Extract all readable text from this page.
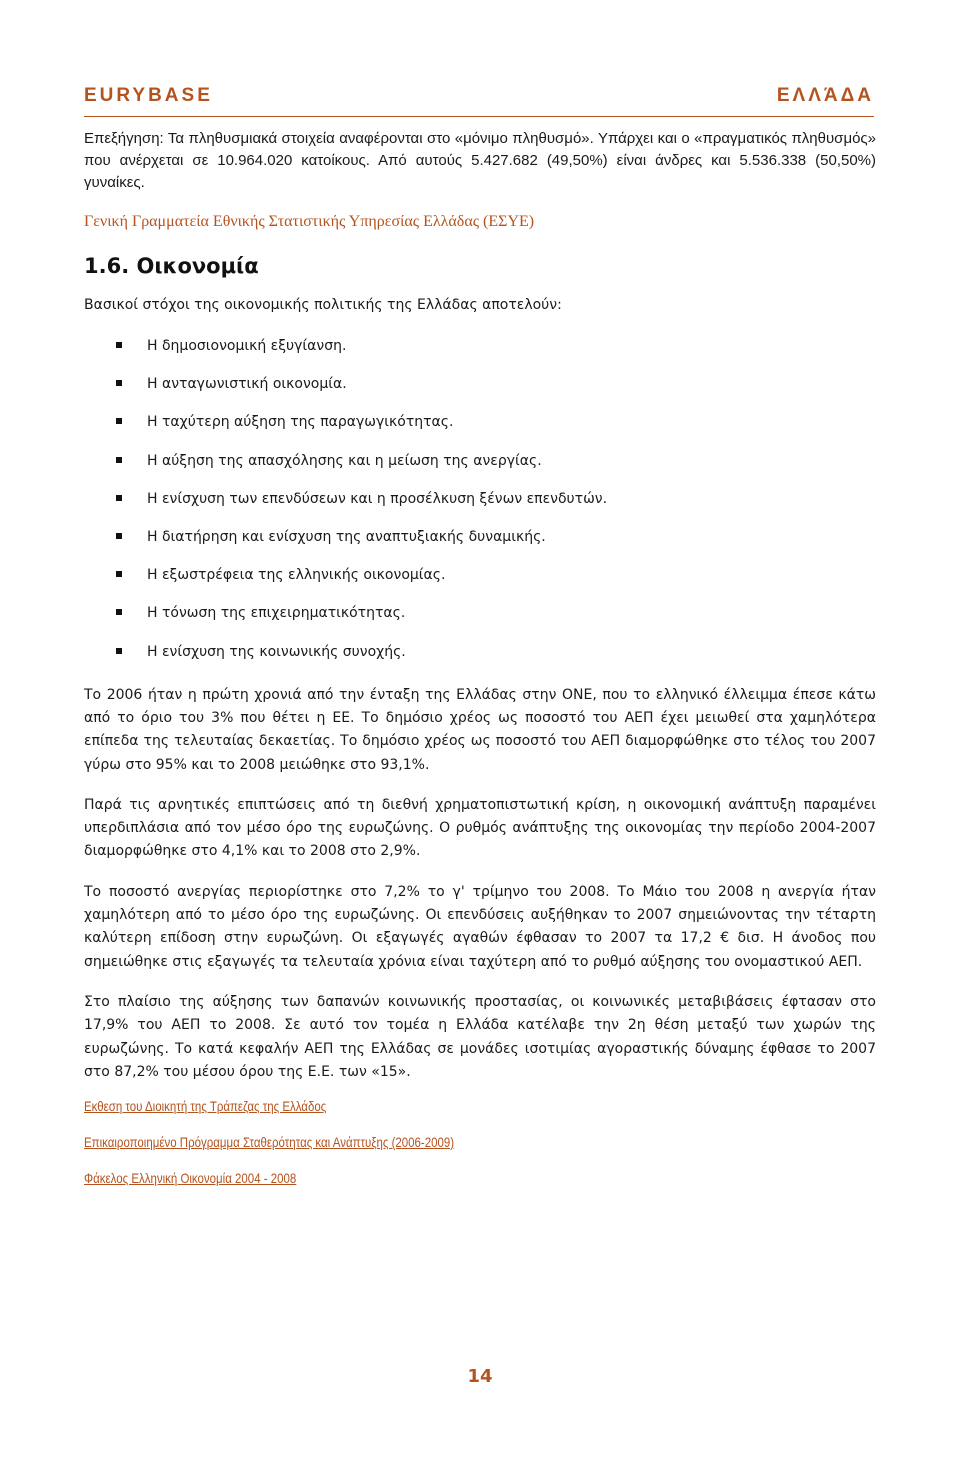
EURYBASE	ΕΛΛΆΔΑ

Επεξήγηση: Τα πληθυσμιακά στοιχεία αναφέρονται στο «μόνιμο πληθυσμό». Υπάρχει και ο «πραγματικός πληθυσμός» που ανέρχεται σε 10.964.020 κατοίκους. Από αυτούς 5.427.682 (49,50%) είναι άνδρες και 5.536.338 (50,50%) γυναίκες.

Γενική Γραμματεία Εθνικής Στατιστικής Υπηρεσίας Ελλάδας (ΕΣΥΕ)

1.6. Οικονομία

Βασικοί στόχοι της οικονομικής πολιτικής της Ελλάδας αποτελούν:

Η δημοσιονομική εξυγίανση.
Η ανταγωνιστική οικονομία.
Η ταχύτερη αύξηση της παραγωγικότητας.
Η αύξηση της απασχόλησης και η μείωση της ανεργίας.
Η ενίσχυση των επενδύσεων και η προσέλκυση ξένων επενδυτών.
Η διατήρηση και ενίσχυση της αναπτυξιακής δυναμικής.
Η εξωστρέφεια της ελληνικής οικονομίας.
Η τόνωση της επιχειρηματικότητας.
Η ενίσχυση της κοινωνικής συνοχής.

Το 2006 ήταν η πρώτη χρονιά από την ένταξη της Ελλάδας στην ΟΝΕ, που το ελληνικό έλλειμμα έπεσε κάτω από το όριο του 3% που θέτει η ΕΕ. Το δημόσιο χρέος ως ποσοστό του ΑΕΠ έχει μειωθεί στα χαμηλότερα επίπεδα της τελευταίας δεκαετίας. Το δημόσιο χρέος ως ποσοστό του ΑΕΠ διαμορφώθηκε στο τέλος του 2007 γύρω στο 95% και το 2008 μειώθηκε στο 93,1%.

Παρά τις αρνητικές επιπτώσεις από τη διεθνή χρηματοπιστωτική κρίση, η οικονομική ανάπτυξη παραμένει υπερδιπλάσια από τον μέσο όρο της ευρωζώνης. Ο ρυθμός ανάπτυξης της οικονομίας την περίοδο 2004-2007 διαμορφώθηκε στο 4,1% και το 2008 στο 2,9%.

Το ποσοστό ανεργίας περιορίστηκε στο 7,2% το γ' τρίμηνο του 2008. Το Μάιο του 2008 η ανεργία ήταν χαμηλότερη από το μέσο όρο της ευρωζώνης. Οι επενδύσεις αυξήθηκαν το 2007 σημειώνοντας την τέταρτη καλύτερη επίδοση στην ευρωζώνη. Οι εξαγωγές αγαθών έφθασαν το 2007 τα 17,2 € δισ. Η άνοδος που σημειώθηκε στις εξαγωγές τα τελευταία χρόνια είναι ταχύτερη από το ρυθμό αύξησης του ονομαστικού ΑΕΠ.

Στο πλαίσιο της αύξησης των δαπανών κοινωνικής προστασίας, οι κοινωνικές μεταβιβάσεις έφτασαν στο 17,9% του ΑΕΠ το 2008. Σε αυτό τον τομέα η Ελλάδα κατέλαβε την 2η θέση μεταξύ των χωρών της ευρωζώνης. Το κατά κεφαλήν ΑΕΠ της Ελλάδας σε μονάδες ισοτιμίας αγοραστικής δύναμης έφθασε το 2007 στο 87,2% του μέσου όρου της Ε.Ε. των «15».

Εκθεση του Διοικητή της Τράπεζας της Ελλάδος
Επικαιροποιημένο Πρόγραμμα Σταθερότητας και Ανάπτυξης (2006-2009)
Φάκελος Ελληνική Οικονομία 2004 - 2008
14
